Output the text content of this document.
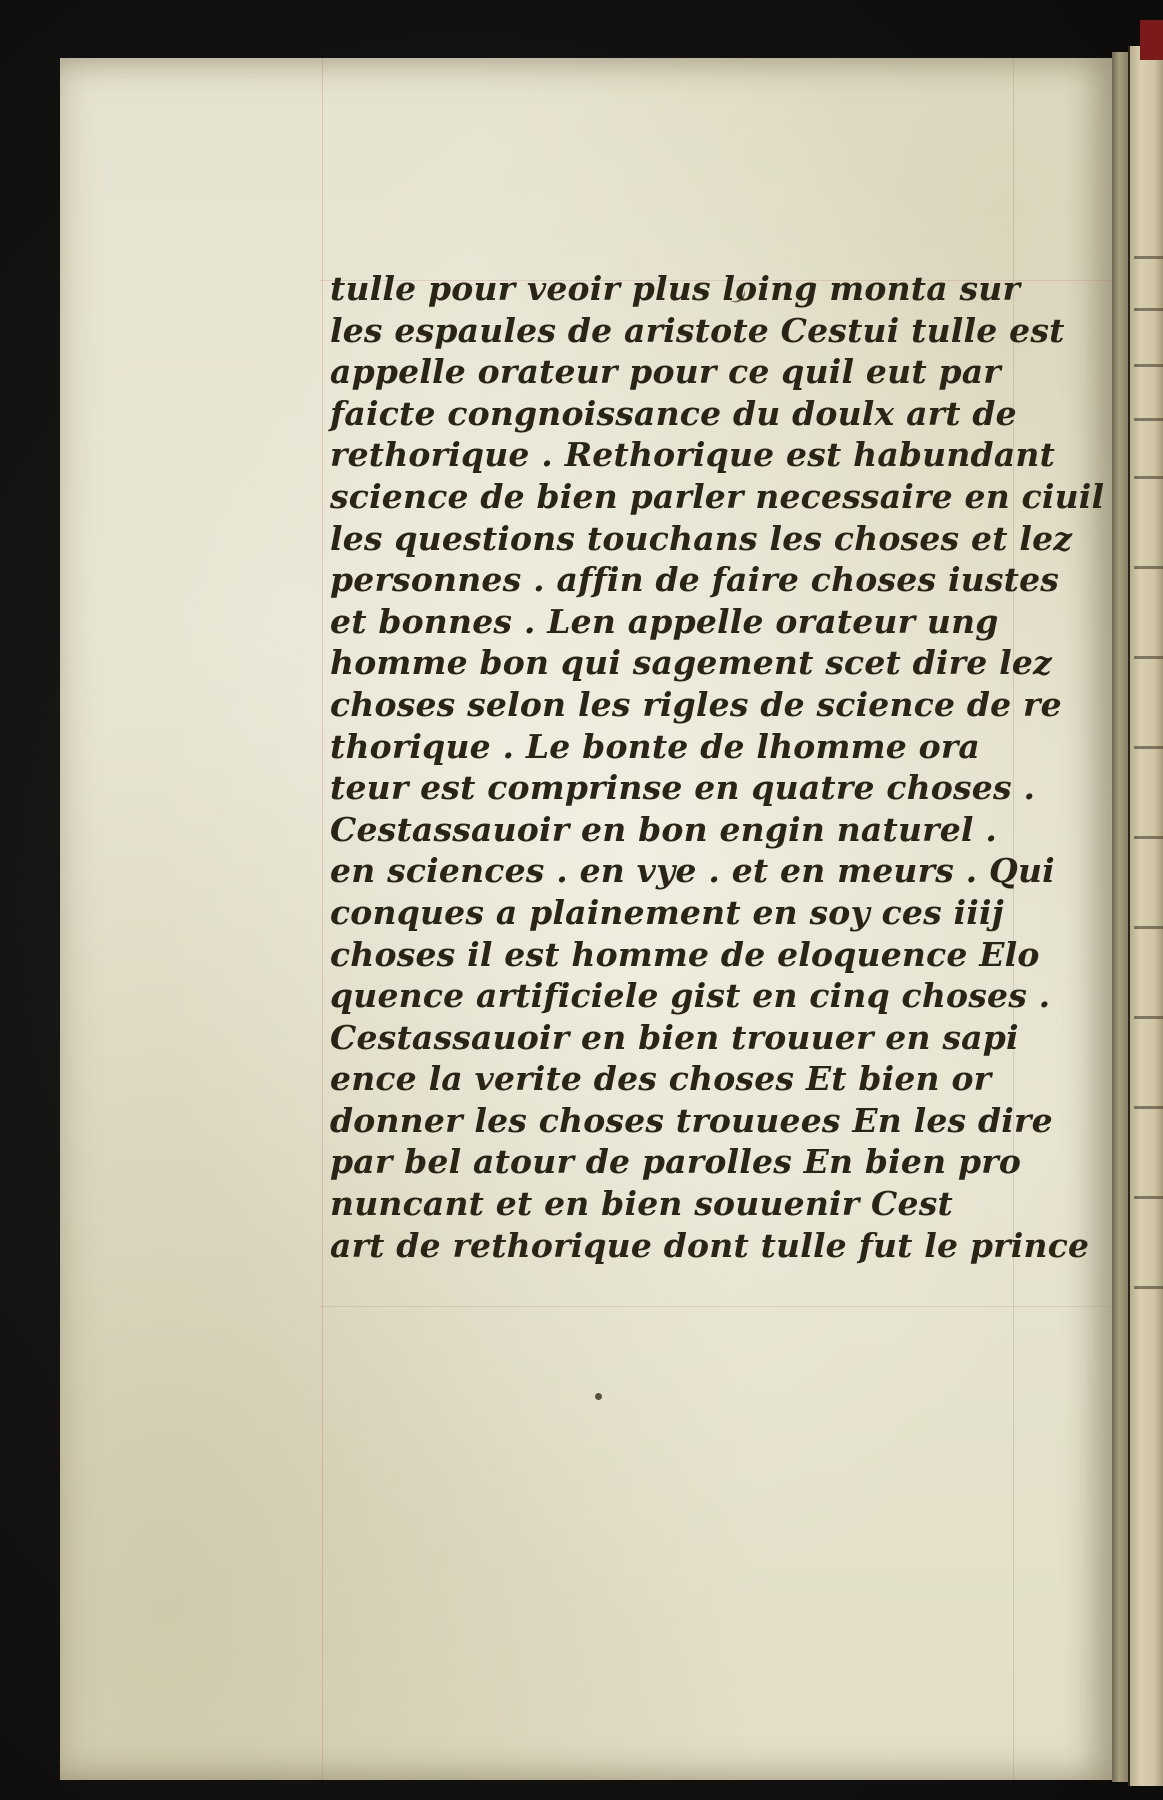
tulle pour veoir plus loing monta sur
les espaules de aristote Cestui tulle est
appelle orateur pour ce quil eut par
faicte congnoissance du doulx art de
rethorique . Rethorique est habundant
science de bien parler necessaire en ciuil
les questions touchans les choses et lez
personnes . affin de faire choses iustes
et bonnes . Len appelle orateur ung
homme bon qui sagement scet dire lez
choses selon les rigles de science de re
thorique . Le bonte de lhomme ora
teur est comprinse en quatre choses .
Cestassauoir en bon engin naturel .
en sciences . en vye . et en meurs . Qui
conques a plainement en soy ces iiij
choses il est homme de eloquence Elo
quence artificiele gist en cinq choses .
Cestassauoir en bien trouuer en sapi
ence la verite des choses Et bien or
donner les choses trouuees En les dire
par bel atour de parolles En bien pro
nuncant et en bien souuenir Cest
art de rethorique dont tulle fut le prince
